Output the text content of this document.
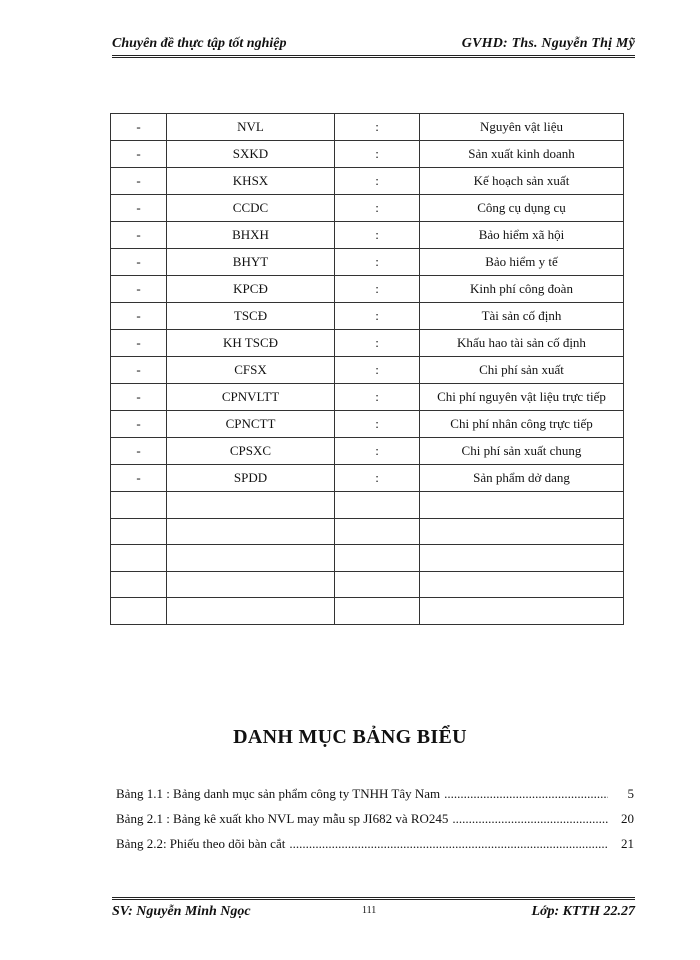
Chuyên đề thực tập tốt nghiệp	GVHD: Ths. Nguyễn Thị Mỹ
-	NVL	:	Nguyên vật liệu
-	SXKD	:	Sản xuất kinh doanh
-	KHSX	:	Kế hoạch sản xuất
-	CCDC	:	Công cụ dụng cụ
-	BHXH	:	Bảo hiểm xã hội
-	BHYT	:	Bảo hiểm y tế
-	KPCĐ	:	Kinh phí công đoàn
-	TSCĐ	:	Tài sản cố định
-	KH TSCĐ	:	Khấu hao tài sản cố định
-	CFSX	:	Chi phí sản xuất
-	CPNVLTT	:	Chi phí nguyên vật liệu trực tiếp
-	CPNCTT	:	Chi phí nhân công trực tiếp
-	CPSXC	:	Chi phí sản xuất chung
-	SPDD	:	Sản phẩm dở dang

DANH MỤC BẢNG BIỂU
Bảng 1.1 : Bảng danh mục sản phẩm công ty TNHH Tây Nam .....	5
Bảng 2.1 : Bảng kê xuất kho NVL may mẫu sp JI682 và RO245 .....	20
Bảng 2.2: Phiếu theo dõi bàn cắt .....	21
SV: Nguyễn Minh Ngọc	111	Lớp: KTTH 22.27
